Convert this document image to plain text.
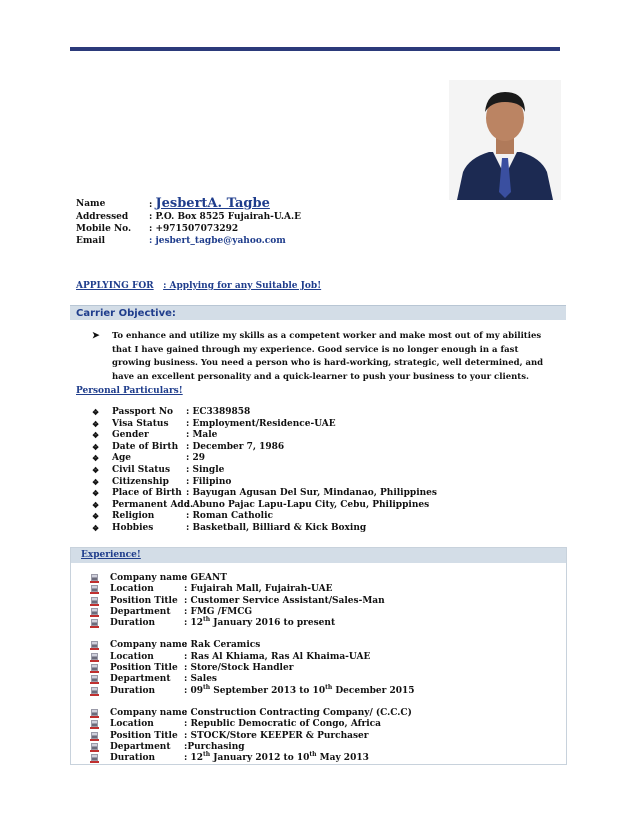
Name	: JesbertA. Tagbe
Addressed : P.O. Box 8525 Fujairah-U.A.E
Mobile No. : +971507073292
Email	: jesbert_tagbe@yahoo.com
APPLYING FOR : Applying for any Suitable Job!
Carrier Objective:
➤ To enhance and utilize my skills as a competent worker and make most out of my abilities that I have gained through my experience. Good service is no longer enough in a fast growing business. You need a person who is hard-working, strategic, well determined, and have an excellent personality and a quick-learner to push your business to your clients.
Personal Particulars!
❖ Passport No : EC3389858
❖ Visa Status : Employment/Residence-UAE
❖ Gender	: Male
❖ Date of Birth : December 7, 1986
❖ Age	: 29
❖ Civil Status : Single
❖ Citizenship : Filipino
❖ Place of Birth : Bayugan Agusan Del Sur, Mindanao, Philippines
❖ Permanent Add.
: Abuno Pajac Lapu-Lapu City, Cebu, Philippines
❖ Religion	: Roman Catholic
❖ Hobbies	: Basketball, Billiard & Kick Boxing
Experience!
Company name
: GEANT
Location	: Fujairah Mall, Fujairah-UAE
Position Title : Customer Service Assistant/Sales-Man
Department : FMG /FMCG
Duration	: 12th January 2016 to present
Company name
: Rak Ceramics
Location	: Ras Al Khiama, Ras Al Khaima-UAE
Position Title : Store/Stock Handler
Department : Sales
Duration	: 09th September 2013 to 10th December 2015
Company name
: Construction Contracting Company/ (C.C.C)
Location	: Republic Democratic of Congo, Africa
Position Title : STOCK/Store KEEPER & Purchaser
Department :Purchasing
Duration	: 12th January 2012 to 10th May 2013
